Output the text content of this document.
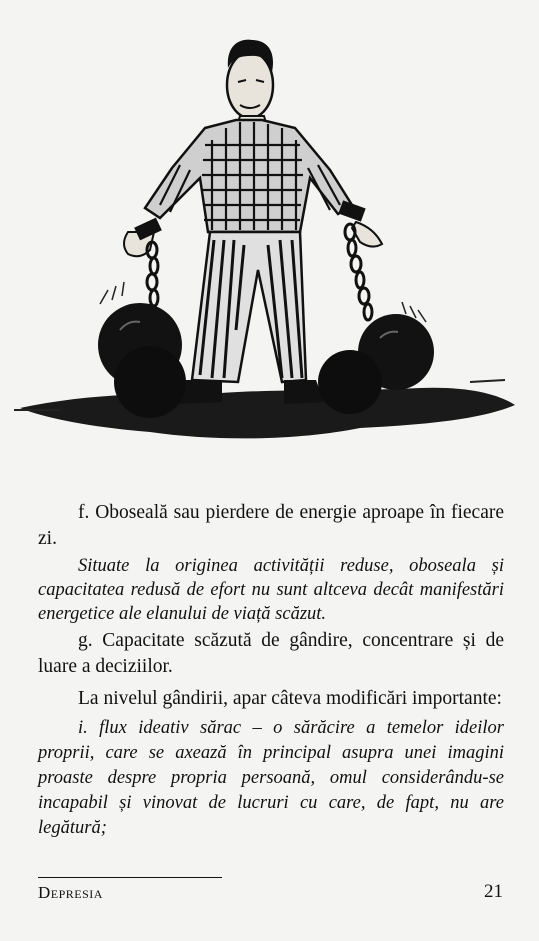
f. Oboseală sau pierdere de energie aproape în fiecare zi.

Situate la originea activității reduse, oboseala și capacitatea redusă de efort nu sunt altceva decât manifestări energetice ale elanului de viață scăzut.

g. Capacitate scăzută de gândire, concentrare și de luare a deciziilor.

La nivelul gândirii, apar câteva modificări importante:

i. flux ideativ sărac – o sărăcire a temelor ideilor proprii, care se axează în principal asupra unei imagini proaste despre propria persoană, omul considerându-se incapabil și vinovat de lucruri cu care, de fapt, nu are legătură;

Depresia	21
